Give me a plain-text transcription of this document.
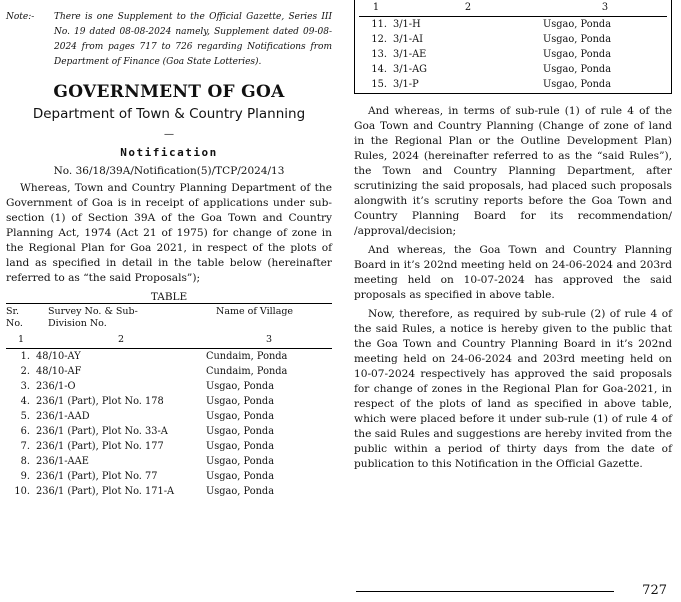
Note:- There is one Supplement to the Official Gazette, Series III No. 19 dated 08-08-2024 namely, Supplement dated 09-08-2024 from pages 717 to 726 regarding Notifications from Department of Finance (Goa State Lotteries).
GOVERNMENT OF GOA
Department of Town & Country Planning
—
Notification
No. 36/18/39A/Notification(5)/TCP/2024/13

Whereas, Town and Country Planning Department of the Government of Goa is in receipt of applications under sub-section (1) of Section 39A of the Goa Town and Country Planning Act, 1974 (Act 21 of 1975) for change of zone in the Regional Plan for Goa 2021, in respect of the plots of land as specified in detail in the table below (hereinafter referred to as “the said Proposals”);

TABLE
Sr. No.	Survey No. & Sub-Division No.	Name of Village
1	2	3
1.	48/10-AY	Cundaim, Ponda
2.	48/10-AF	Cundaim, Ponda
3.	236/1-O	Usgao, Ponda
4.	236/1 (Part), Plot No. 178	Usgao, Ponda
5.	236/1-AAD	Usgao, Ponda
6.	236/1 (Part), Plot No. 33-A	Usgao, Ponda
7.	236/1 (Part), Plot No. 177	Usgao, Ponda
8.	236/1-AAE	Usgao, Ponda
9.	236/1 (Part), Plot No. 77	Usgao, Ponda
10.	236/1 (Part), Plot No. 171-A	Usgao, Ponda
1	2	3
11.	3/1-H	Usgao, Ponda
12.	3/1-AI	Usgao, Ponda
13.	3/1-AE	Usgao, Ponda
14.	3/1-AG	Usgao, Ponda
15.	3/1-P	Usgao, Ponda

And whereas, in terms of sub-rule (1) of rule 4 of the Goa Town and Country Planning (Change of zone of land in the Regional Plan or the Outline Development Plan) Rules, 2024 (hereinafter referred to as the “said Rules”), the Town and Country Planning Department, after scrutinizing the said proposals, had placed such proposals alongwith it’s scrutiny reports before the Goa Town and Country Planning Board for its recommendation/ /approval/decision;

And whereas, the Goa Town and Country Planning Board in it’s 202nd meeting held on 24-06-2024 and 203rd meeting held on 10-07-2024 has approved the said proposals as specified in above table.

Now, therefore, as required by sub-rule (2) of rule 4 of the said Rules, a notice is hereby given to the public that the Goa Town and Country Planning Board in it’s 202nd meeting held on 24-06-2024 and 203rd meeting held on 10-07-2024 respectively has approved the said proposals for change of zones in the Regional Plan for Goa-2021, in respect of the plots of land as specified in above table, which were placed before it under sub-rule (1) of rule 4 of the said Rules and suggestions are hereby invited from the public within a period of thirty days from the date of publication to this Notification in the Official Gazette.

727
